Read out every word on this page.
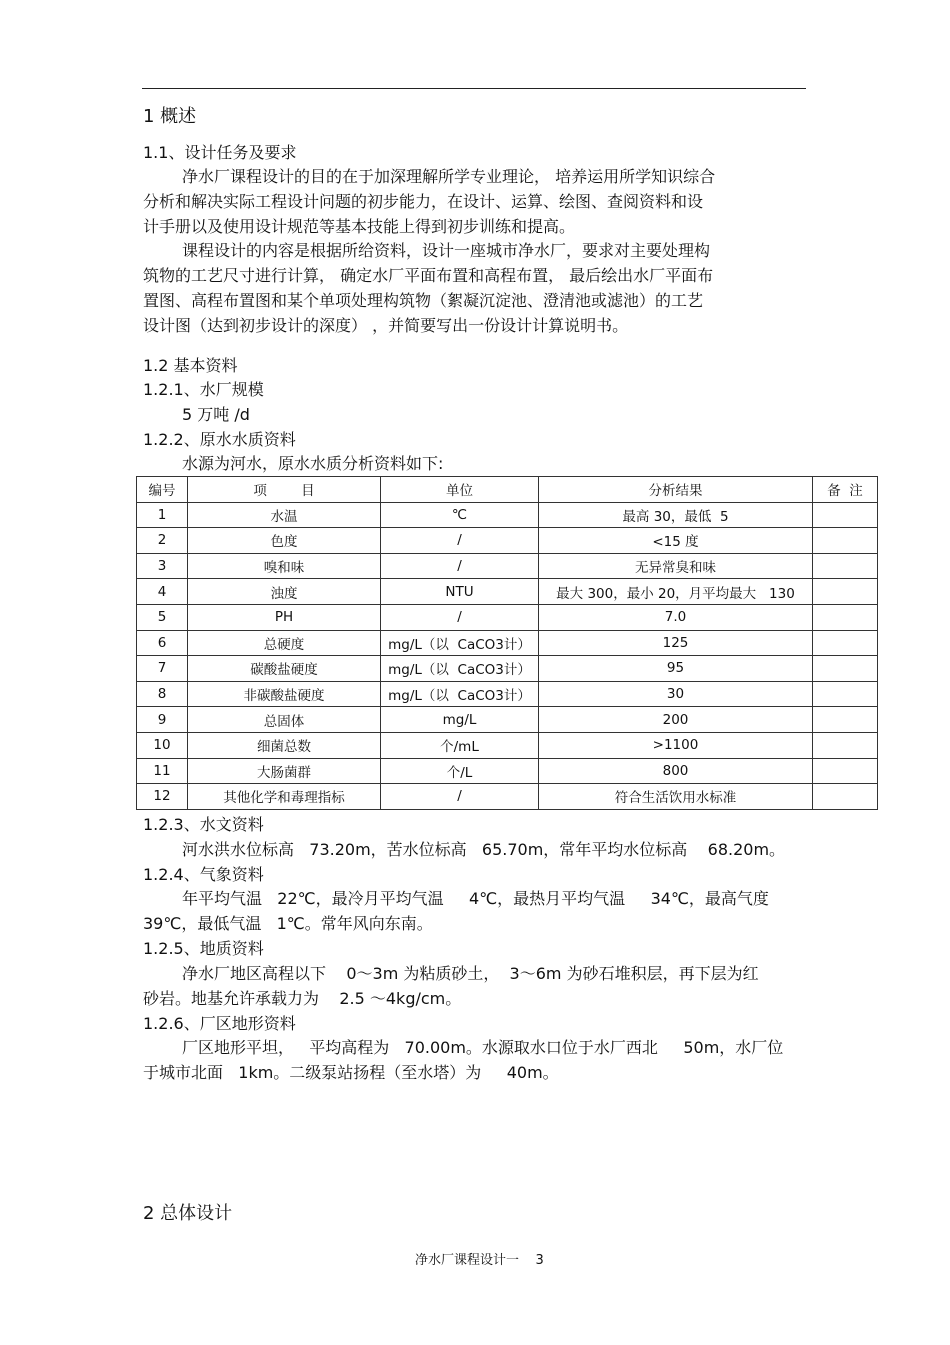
1 概述
1.1、设计任务及要求
净水厂课程设计的目的在于加深理解所学专业理论， 培养运用所学知识综合
分析和解决实际工程设计问题的初步能力，在设计、运算、绘图、查阅资料和设
计手册以及使用设计规范等基本技能上得到初步训练和提高。
课程设计的内容是根据所给资料，设计一座城市净水厂，要求对主要处理构
筑物的工艺尺寸进行计算， 确定水厂平面布置和高程布置， 最后绘出水厂平面布
置图、高程布置图和某个单项处理构筑物（絮凝沉淀池、澄清池或滤池）的工艺
设计图（达到初步设计的深度） ，并简要写出一份设计计算说明书。
1.2 基本资料
1.2.1、水厂规模
5 万吨 /d
1.2.2、原水水质资料
水源为河水，原水水质分析资料如下:
编号	项        目	单位	分析结果	备  注
1	水温	℃	最高 30，最低  5	
2	色度	/	<15 度	
3	嗅和味	/	无异常臭和味	
4	浊度	NTU	最大 300，最小 20，月平均最大   130	
5	PH	/	7.0	
6	总硬度	mg/L（以  CaCO3计）	125	
7	碳酸盐硬度	mg/L（以  CaCO3计）	95	
8	非碳酸盐硬度	mg/L（以  CaCO3计）	30	
9	总固体	mg/L	200	
10	细菌总数	个/mL	>1100	
11	大肠菌群	个/L	800	
12	其他化学和毒理指标	/	符合生活饮用水标准	
1.2.3、水文资料
河水洪水位标高   73.20m，苦水位标高   65.70m，常年平均水位标高    68.20m。
1.2.4、气象资料
年平均气温   22℃，最冷月平均气温     4℃，最热月平均气温     34℃，最高气度
39℃，最低气温   1℃。常年风向东南。
1.2.5、地质资料
净水厂地区高程以下    0～3m 为粘质砂土，  3～6m 为砂石堆积层，再下层为红
砂岩。地基允许承载力为    2.5 ～4kg/cm。
1.2.6、厂区地形资料
厂区地形平坦，   平均高程为   70.00m。水源取水口位于水厂西北     50m，水厂位
于城市北面   1km。二级泵站扬程（至水塔）为     40m。
2 总体设计
净水厂课程设计一    3
